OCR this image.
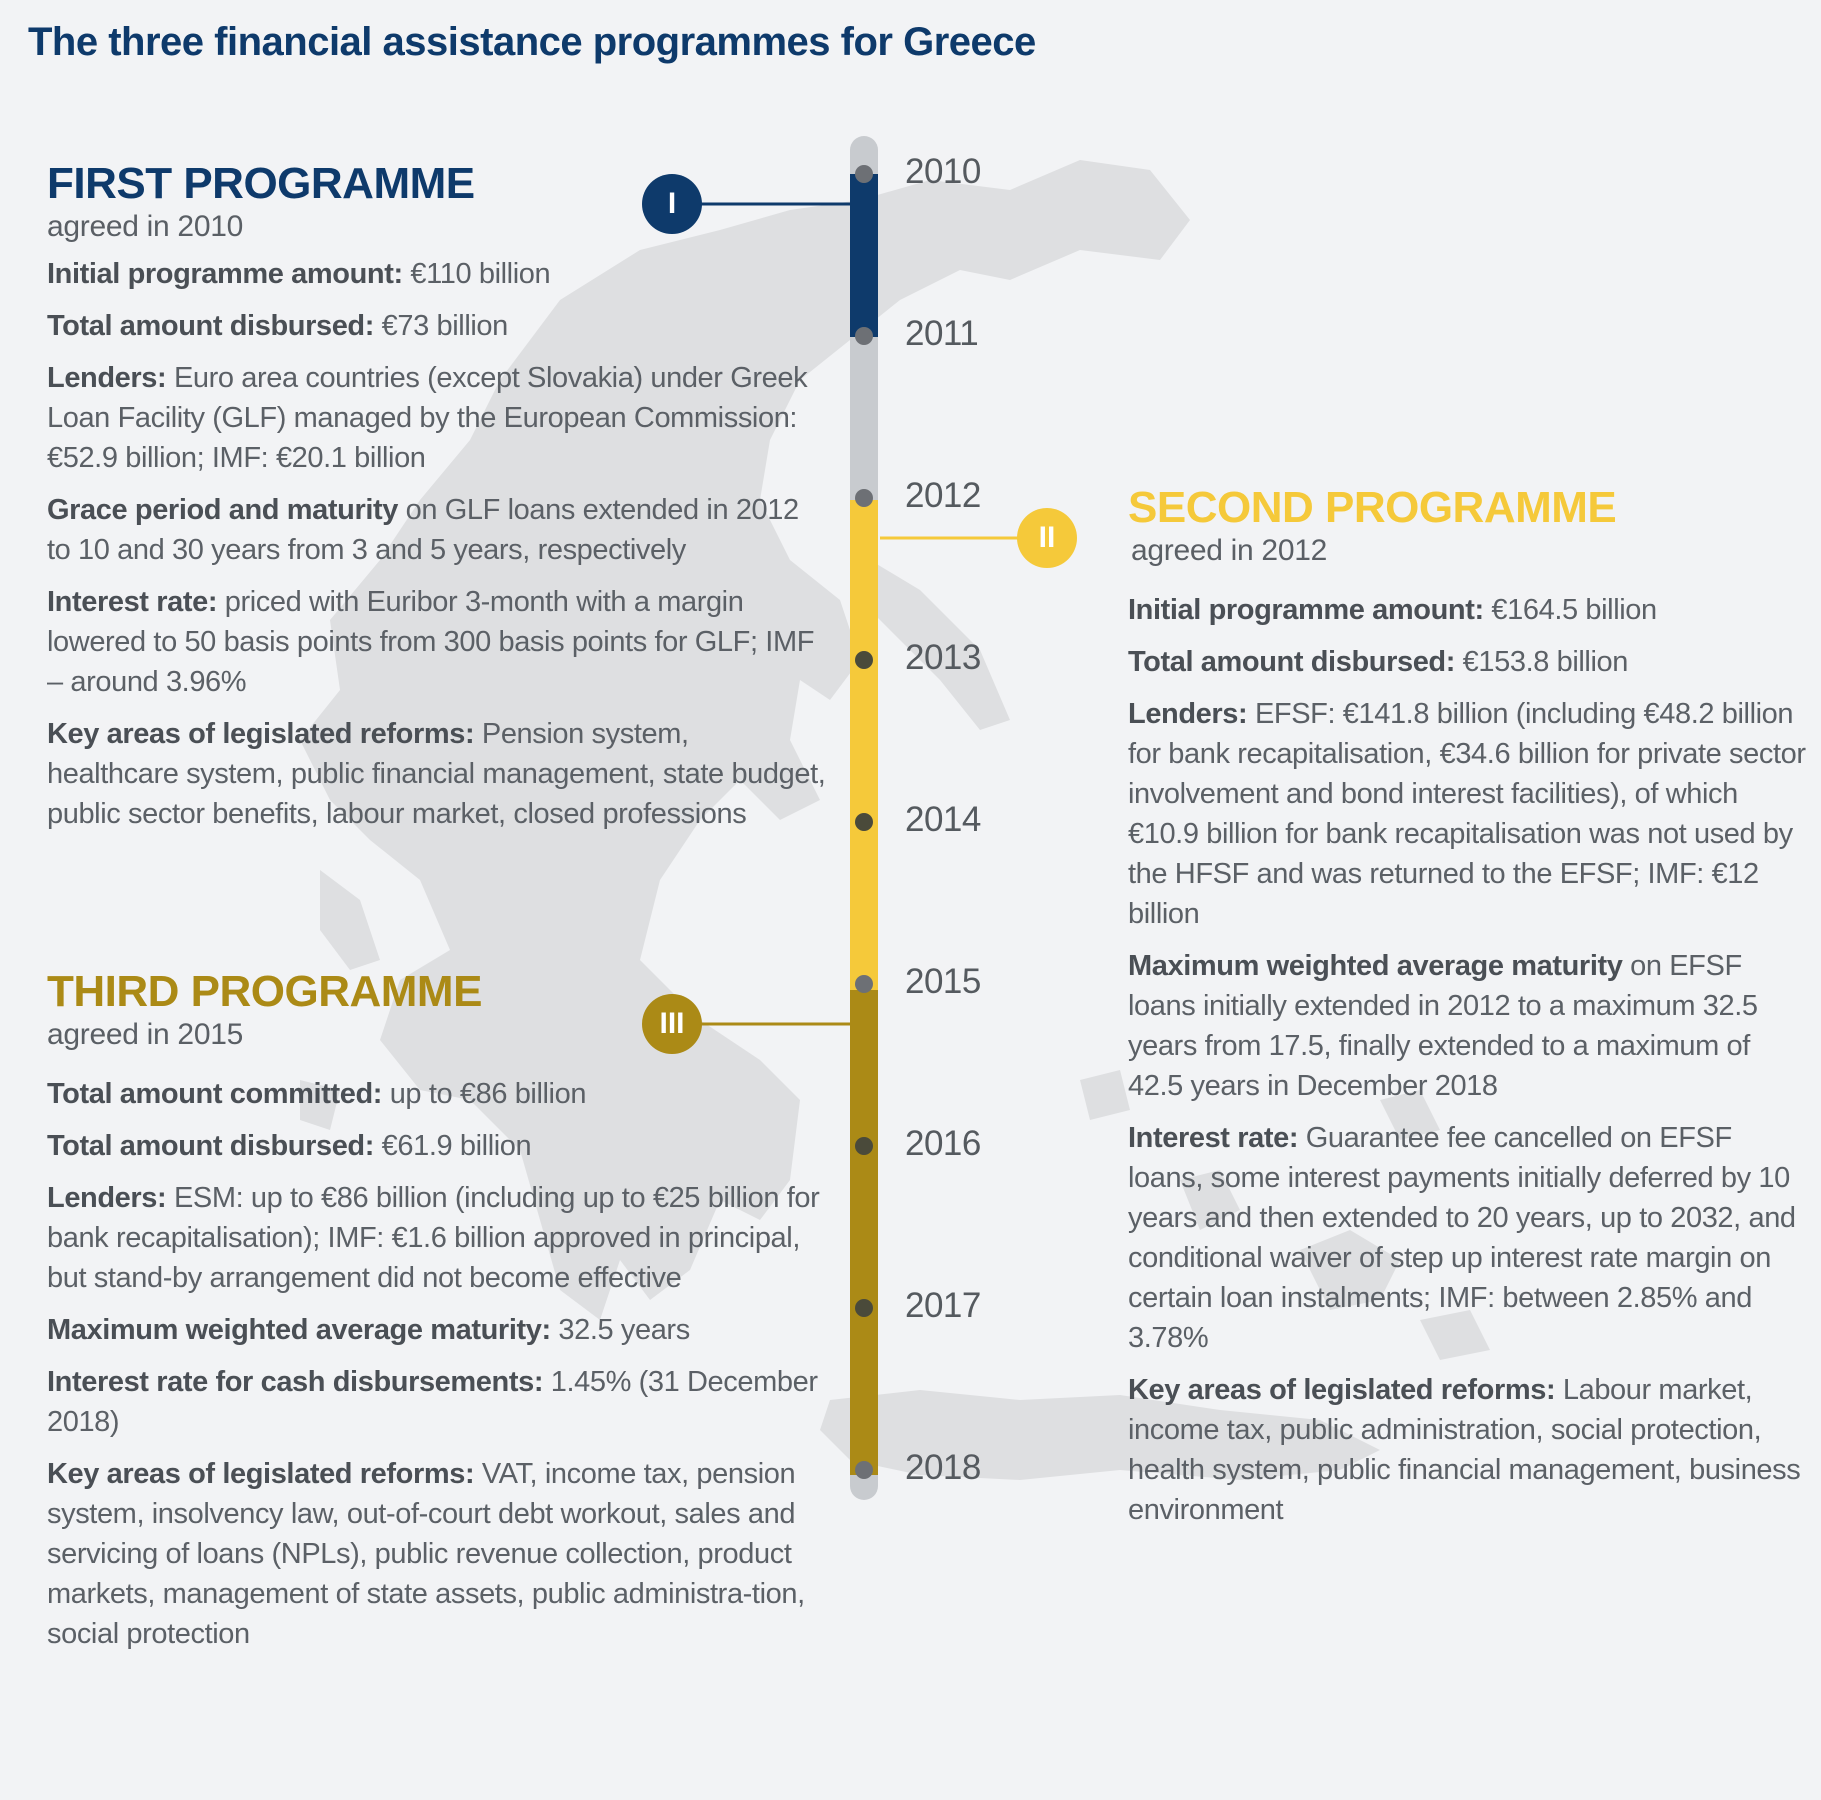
The three financial assistance programmes for Greece
I
II
III
2010
2011
2012
2013
2014
2015
2016
2017
2018
FIRST PROGRAMME
agreed in 2010

Initial programme amount: €110 billion

Total amount disbursed: €73 billion

Lenders: Euro area countries (except Slovakia) under Greek Loan Facility (GLF) managed by the European Commission: €52.9 billion; IMF: €20.1 billion

Grace period and maturity on GLF loans extended in 2012 to 10 and 30 years from 3 and 5 years, respectively

Interest rate: priced with Euribor 3-month with a margin lowered to 50 basis points from 300 basis points for GLF; IMF – around 3.96%

Key areas of legislated reforms: Pension system, healthcare system, public financial management, state budget, public sector benefits, labour market, closed professions

SECOND PROGRAMME
agreed in 2012

Initial programme amount: €164.5 billion

Total amount disbursed: €153.8 billion

Lenders: EFSF: €141.8 billion (including €48.2 billion for bank recapitalisation, €34.6 billion for private sector involvement and bond interest facilities), of which €10.9 billion for bank recapitalisation was not used by the HFSF and was returned to the EFSF; IMF: €12 billion

Maximum weighted average maturity on EFSF loans initially extended in 2012 to a maximum 32.5 years from 17.5, finally extended to a maximum of 42.5 years in December 2018

Interest rate: Guarantee fee cancelled on EFSF loans, some interest payments initially deferred by 10 years and then extended to 20 years, up to 2032, and conditional waiver of step up interest rate margin on certain loan instalments; IMF: between 2.85% and 3.78%

Key areas of legislated reforms: Labour market, income tax, public administration, social protection, health system, public financial management, business environment

THIRD PROGRAMME
agreed in 2015

Total amount committed: up to €86 billion

Total amount disbursed: €61.9 billion

Lenders: ESM: up to €86 billion (including up to €25 billion for bank recapitalisation); IMF: €1.6 billion approved in principal, but stand-by arrangement did not become effective

Maximum weighted average maturity: 32.5 years

Interest rate for cash disbursements: 1.45% (31 December 2018)

Key areas of legislated reforms: VAT, income tax, pension system, insolvency law, out-of-court debt workout, sales and servicing of loans (NPLs), public revenue collection, product markets, management of state assets, public administra-tion, social protection
